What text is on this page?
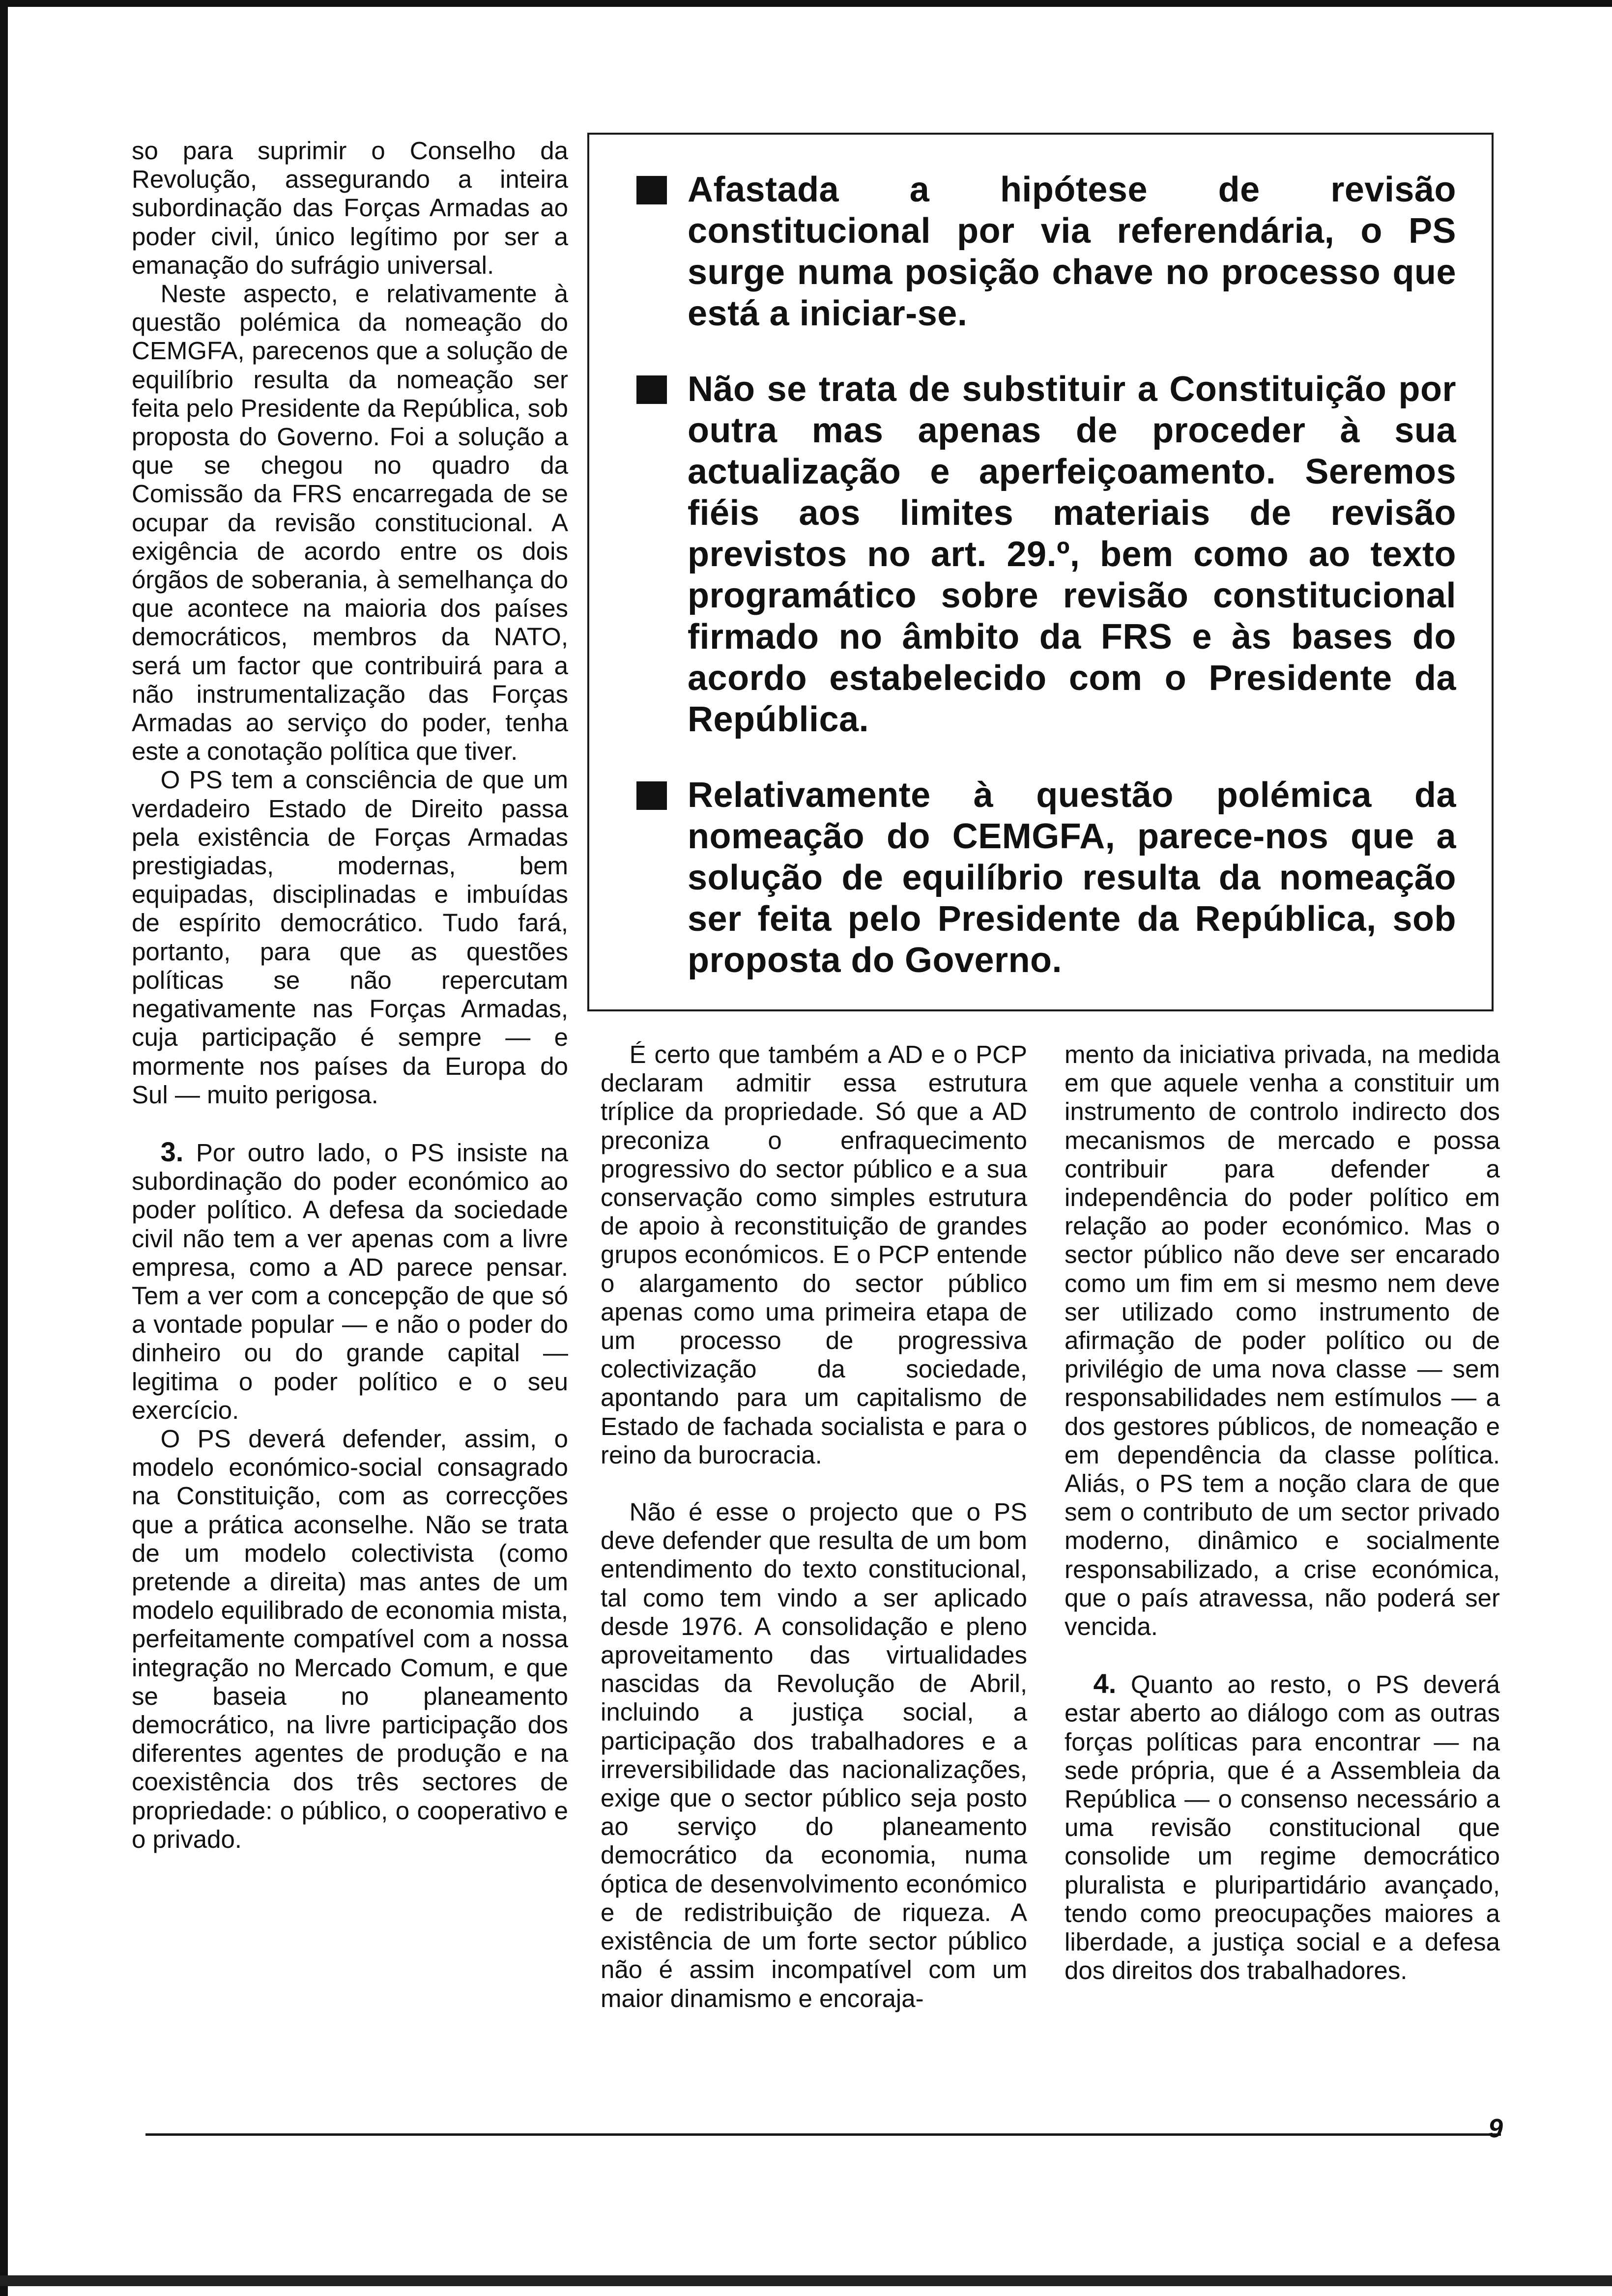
so para suprimir o Conselho da Revolução, assegurando a inteira subordinação das Forças Armadas ao poder civil, único legítimo por ser a emanação do sufrágio universal.

Neste aspecto, e relativamente à questão polémica da nomeação do CEMGFA, parecenos que a solução de equilíbrio resulta da nomeação ser feita pelo Presidente da República, sob proposta do Governo. Foi a solução a que se chegou no quadro da Comissão da FRS encarregada de se ocupar da revisão constitucional. A exigência de acordo entre os dois órgãos de soberania, à semelhança do que acontece na maioria dos países democráticos, membros da NATO, será um factor que contribuirá para a não instrumentalização das Forças Armadas ao serviço do poder, tenha este a conotação política que tiver.

O PS tem a consciência de que um verdadeiro Estado de Direito passa pela existência de Forças Armadas prestigiadas, modernas, bem equipadas, disciplinadas e imbuídas de espírito democrático. Tudo fará, portanto, para que as questões políticas se não repercutam negativamente nas Forças Armadas, cuja participação é sempre — e mormente nos países da Europa do Sul — muito perigosa.

3. Por outro lado, o PS insiste na subordinação do poder económico ao poder político. A defesa da sociedade civil não tem a ver apenas com a livre empresa, como a AD parece pensar. Tem a ver com a concepção de que só a vontade popular — e não o poder do dinheiro ou do grande capital — legitima o poder político e o seu exercício.

O PS deverá defender, assim, o modelo económico-social consagrado na Constituição, com as correcções que a prática aconselhe. Não se trata de um modelo colectivista (como pretende a direita) mas antes de um modelo equilibrado de economia mista, perfeitamente compatível com a nossa integração no Mercado Comum, e que se baseia no planeamento democrático, na livre participação dos diferentes agentes de produção e na coexistência dos três sectores de propriedade: o público, o cooperativo e o privado.

Afastada a hipótese de revisão constitucional por via referendária, o PS surge numa posição chave no processo que está a iniciar-se.
Não se trata de substituir a Constituição por outra mas apenas de proceder à sua actualização e aperfeiçoamento. Seremos fiéis aos limites materiais de revisão previstos no art. 29.º, bem como ao texto programático sobre revisão constitucional firmado no âmbito da FRS e às bases do acordo estabelecido com o Presidente da República.
Relativamente à questão polémica da nomeação do CEMGFA, parece-nos que a solução de equilíbrio resulta da nomeação ser feita pelo Presidente da República, sob proposta do Governo.

É certo que também a AD e o PCP declaram admitir essa estrutura tríplice da propriedade. Só que a AD preconiza o enfraquecimento progressivo do sector público e a sua conservação como simples estrutura de apoio à reconstituição de grandes grupos económicos. E o PCP entende o alargamento do sector público apenas como uma primeira etapa de um processo de progressiva colectivização da sociedade, apontando para um capitalismo de Estado de fachada socialista e para o reino da burocracia.

Não é esse o projecto que o PS deve defender que resulta de um bom entendimento do texto constitucional, tal como tem vindo a ser aplicado desde 1976. A consolidação e pleno aproveitamento das virtualidades nascidas da Revolução de Abril, incluindo a justiça social, a participação dos trabalhadores e a irreversibilidade das nacionalizações, exige que o sector público seja posto ao serviço do planeamento democrático da economia, numa óptica de desenvolvimento económico e de redistribuição de riqueza. A existência de um forte sector público não é assim incompatível com um maior dinamismo e encoraja-

mento da iniciativa privada, na medida em que aquele venha a constituir um instrumento de controlo indirecto dos mecanismos de mercado e possa contribuir para defender a independência do poder político em relação ao poder económico. Mas o sector público não deve ser encarado como um fim em si mesmo nem deve ser utilizado como instrumento de afirmação de poder político ou de privilégio de uma nova classe — sem responsabilidades nem estímulos — a dos gestores públicos, de nomeação e em dependência da classe política. Aliás, o PS tem a noção clara de que sem o contributo de um sector privado moderno, dinâmico e socialmente responsabilizado, a crise económica, que o país atravessa, não poderá ser vencida.

4. Quanto ao resto, o PS deverá estar aberto ao diálogo com as outras forças políticas para encontrar — na sede própria, que é a Assembleia da República — o consenso necessário a uma revisão constitucional que consolide um regime democrático pluralista e pluripartidário avançado, tendo como preocupações maiores a liberdade, a justiça social e a defesa dos direitos dos trabalhadores.

9
